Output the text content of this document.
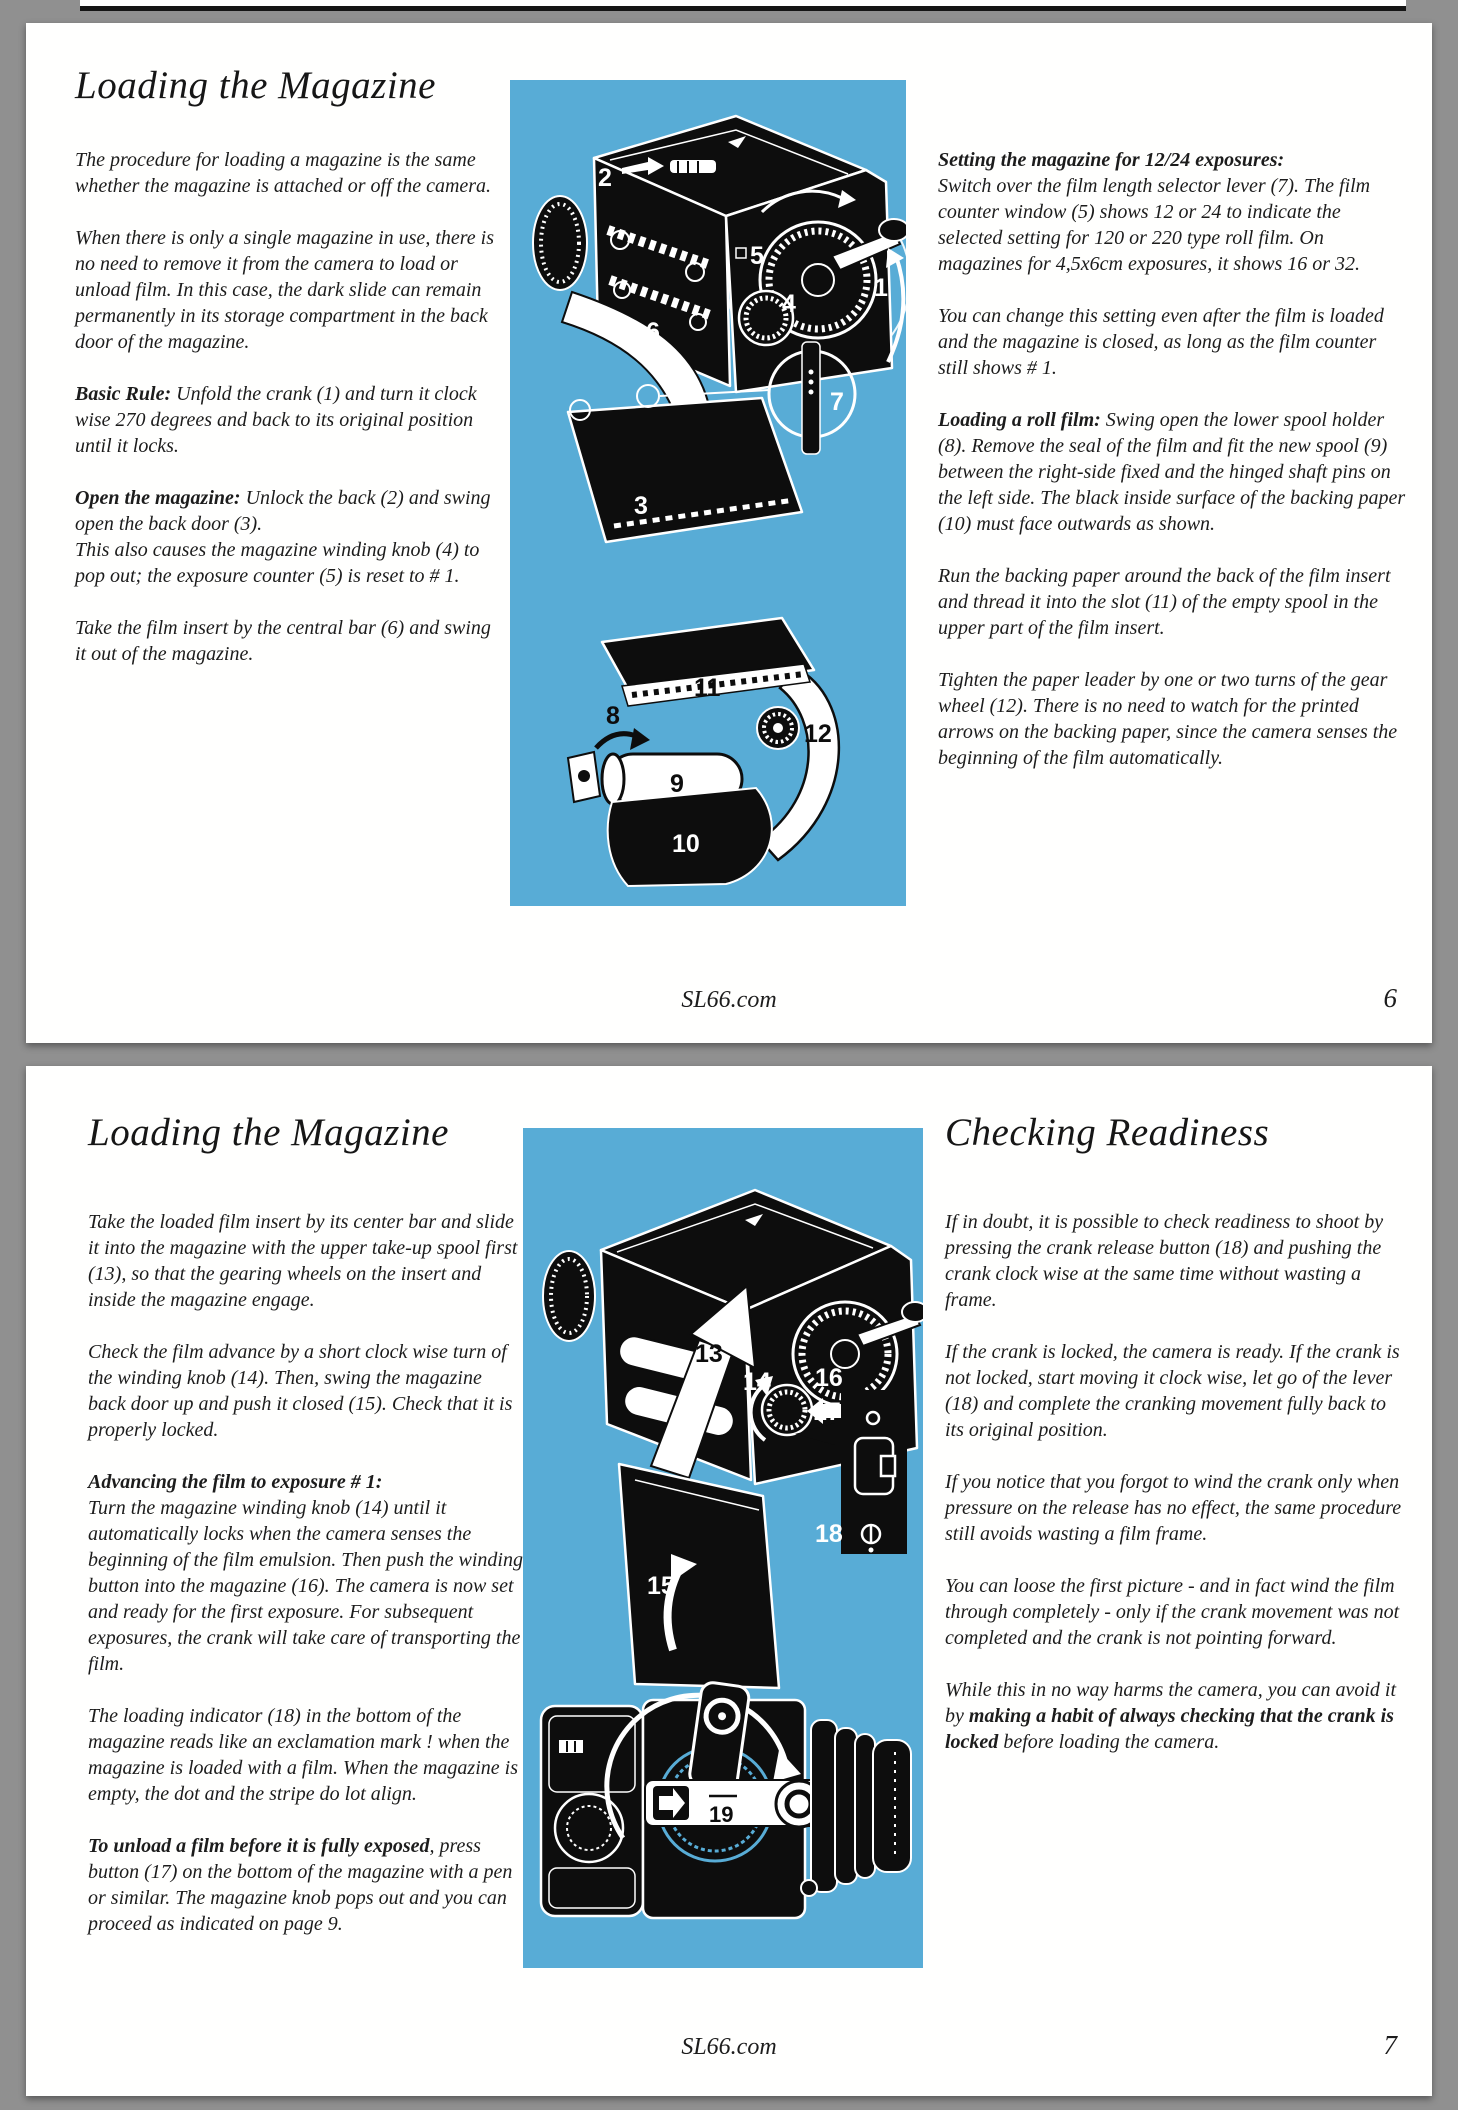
Loading the Magazine

The procedure for loading a magazine is the same whether the magazine is attached or off the camera.

When there is only a single magazine in use, there is no need to remove it from the camera to load or unload film. In this case, the dark slide can remain permanently in its storage compartment in the back door of the magazine.

Basic Rule: Unfold the crank (1) and turn it clock wise 270 degrees and back to its original position until it locks.

Open the magazine: Unlock the back (2) and swing open the back door (3).
This also causes the magazine winding knob (4) to pop out; the exposure counter (5) is reset to # 1.

Take the film insert by the central bar (6) and swing it out of the magazine.

2
5
4
1
6
3
7
8
9
10
11
12

Setting the magazine for 12/24 exposures:
Switch over the film length selector lever (7). The film counter window (5) shows 12 or 24 to indicate the selected setting for 120 or 220 type roll film. On magazines for 4,5x6cm exposures, it shows 16 or 32.

You can change this setting even after the film is loaded and the magazine is closed, as long as the film counter still shows # 1.

Loading a roll film: Swing open the lower spool holder (8). Remove the seal of the film and fit the new spool (9) between the right-side fixed and the hinged shaft pins on the left side. The black inside surface of the backing paper (10) must face outwards as shown.

Run the backing paper around the back of the film insert and thread it into the slot (11) of the empty spool in the upper part of the film insert.

Tighten the paper leader by one or two turns of the gear wheel (12). There is no need to watch for the printed arrows on the backing paper, since the camera senses the beginning of the film automatically.

SL66.com	6
Loading the Magazine	Checking Readiness

Take the loaded film insert by its center bar and slide it into the magazine with the upper take-up spool first (13), so that the gearing wheels on the insert and inside the magazine engage.

Check the film advance by a short clock wise turn of the winding knob (14). Then, swing the magazine back door up and push it closed (15). Check that it is properly locked.

Advancing the film to exposure # 1:
Turn the magazine winding knob (14) until it automatically locks when the camera senses the beginning of the film emulsion. Then push the winding button into the magazine (16). The camera is now set and ready for the first exposure. For subsequent exposures, the crank will take care of transporting the film.

The loading indicator (18) in the bottom of the magazine reads like an exclamation mark ! when the magazine is loaded with a film. When the magazine is empty, the dot and the stripe do lot align.

To unload a film before it is fully exposed, press button (17) on the bottom of the magazine with a pen or similar. The magazine knob pops out and you can proceed as indicated on page 9.

13
14 16
17
18
15
19

If in doubt, it is possible to check readiness to shoot by pressing the crank release button (18) and pushing the crank clock wise at the same time without wasting a frame.

If the crank is locked, the camera is ready. If the crank is not locked, start moving it clock wise, let go of the lever (18) and complete the cranking movement fully back to its original position.

If you notice that you forgot to wind the crank only when pressure on the release has no effect, the same procedure still avoids wasting a film frame.

You can loose the first picture - and in fact wind the film through completely - only if the crank movement was not completed and the crank is not pointing forward.

While this in no way harms the camera, you can avoid it by making a habit of always checking that the crank is locked before loading the camera.

SL66.com	7
